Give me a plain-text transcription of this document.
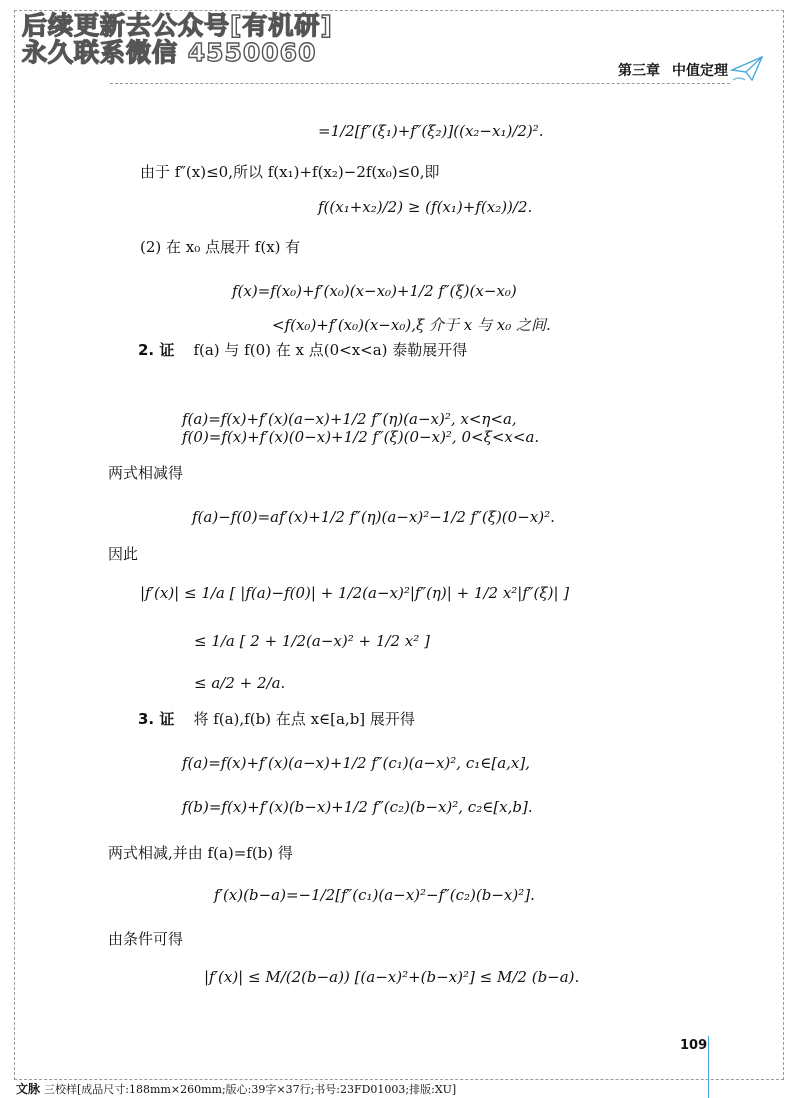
后续更新去公众号[有机研]
永久联系微信 4550060
第三章 中值定理
=1/2[f″(ξ₁)+f″(ξ₂)]((x₂−x₁)/2)².
由于 f″(x)≤0,所以 f(x₁)+f(x₂)−2f(x₀)≤0,即
f((x₁+x₂)/2) ≥ (f(x₁)+f(x₂))/2.
(2) 在 x₀ 点展开 f(x) 有
f(x)=f(x₀)+f′(x₀)(x−x₀)+1/2 f″(ξ)(x−x₀)
<f(x₀)+f′(x₀)(x−x₀),ξ 介于 x 与 x₀ 之间.
2. 证 f(a) 与 f(0) 在 x 点(0<x<a) 泰勒展开得
f(a)=f(x)+f′(x)(a−x)+1/2 f″(η)(a−x)², x<η<a,
f(0)=f(x)+f′(x)(0−x)+1/2 f″(ξ)(0−x)², 0<ξ<x<a.
两式相减得
f(a)−f(0)=af′(x)+1/2 f″(η)(a−x)²−1/2 f″(ξ)(0−x)².
因此
|f′(x)| ≤ 1/a [ |f(a)−f(0)| + 1/2(a−x)²|f″(η)| + 1/2 x²|f″(ξ)| ]
≤ 1/a [ 2 + 1/2(a−x)² + 1/2 x² ]
≤ a/2 + 2/a.
3. 证 将 f(a),f(b) 在点 x∈[a,b] 展开得
f(a)=f(x)+f′(x)(a−x)+1/2 f″(c₁)(a−x)², c₁∈[a,x],
f(b)=f(x)+f′(x)(b−x)+1/2 f″(c₂)(b−x)², c₂∈[x,b].
两式相减,并由 f(a)=f(b) 得
f′(x)(b−a)=−1/2[f″(c₁)(a−x)²−f″(c₂)(b−x)²].
由条件可得
|f′(x)| ≤ M/(2(b−a)) [(a−x)²+(b−x)²] ≤ M/2 (b−a).
109
文脉 三校样[成品尺寸:188mm×260mm;版心:39字×37行;书号:23FD01003;排版:XU]
